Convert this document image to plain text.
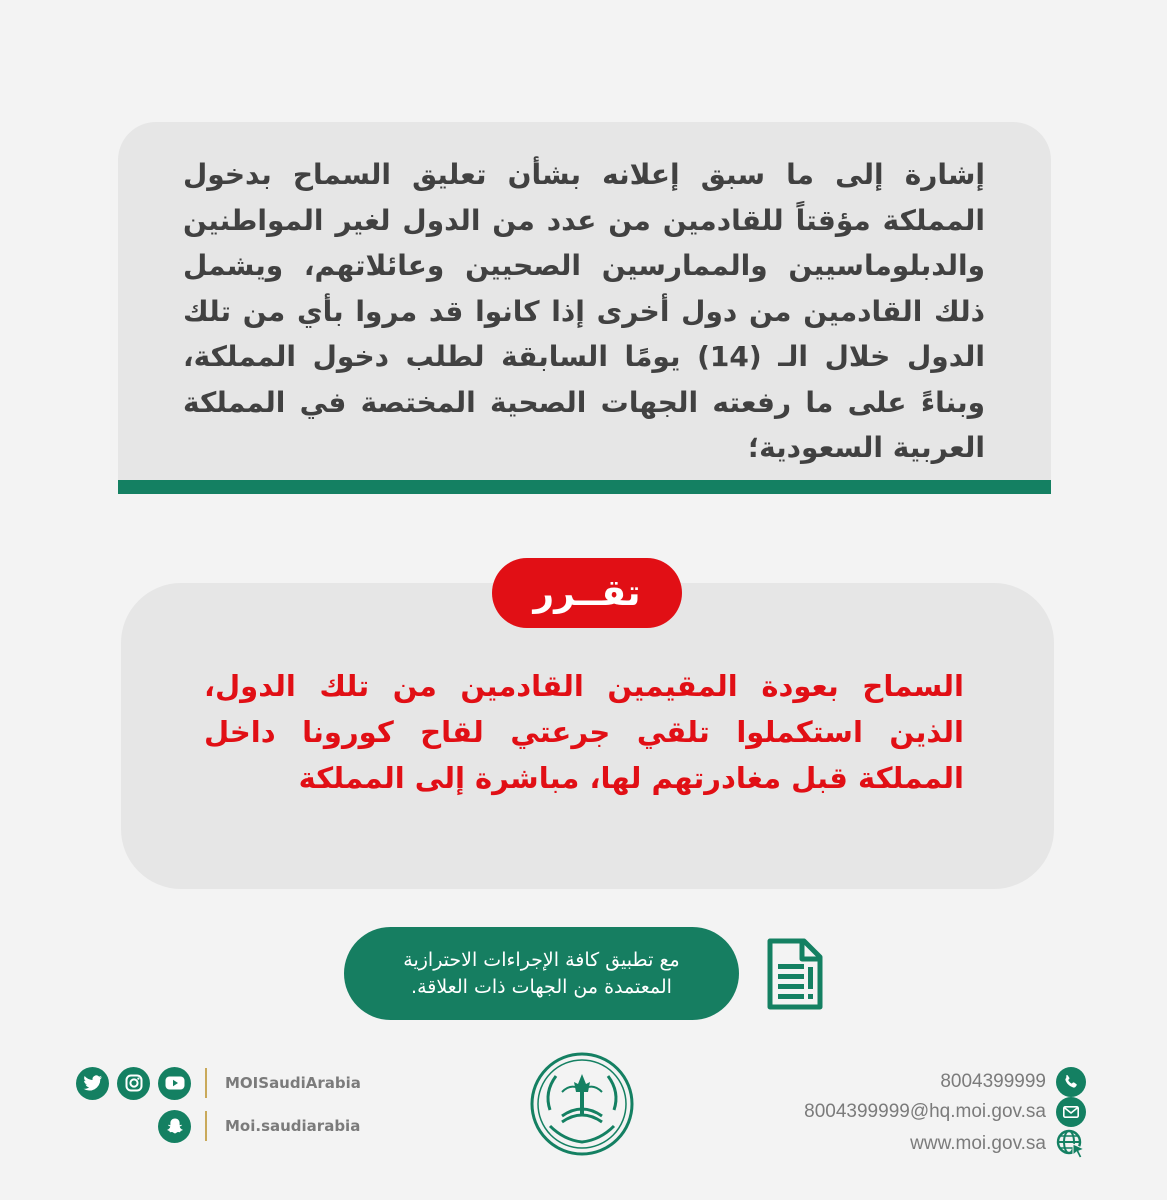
إشارة إلى ما سبق إعلانه بشأن تعليق السماح بدخول المملكة مؤقتاً للقادمين من عدد من الدول لغير المواطنين والدبلوماسيين والممارسين الصحيين وعائلاتهم، ويشمل ذلك القادمين من دول أخرى إذا كانوا قد مروا بأي من تلك الدول خلال الـ (14) يومًا السابقة لطلب دخول المملكة، وبناءً على ما رفعته الجهات الصحية المختصة في المملكة العربية السعودية؛

تقــرر

السماح بعودة المقيمين القادمين من تلك الدول، الذين استكملوا تلقي جرعتي لقاح كورونا داخل المملكة قبل مغادرتهم لها، مباشرة إلى المملكة

مع تطبيق كافة الإجراءات الاحترازية
المعتمدة من الجهات ذات العلاقة.
MOISaudiArabia
Moi.saudiarabia
8004399999
8004399999@hq.moi.gov.sa
www.moi.gov.sa
